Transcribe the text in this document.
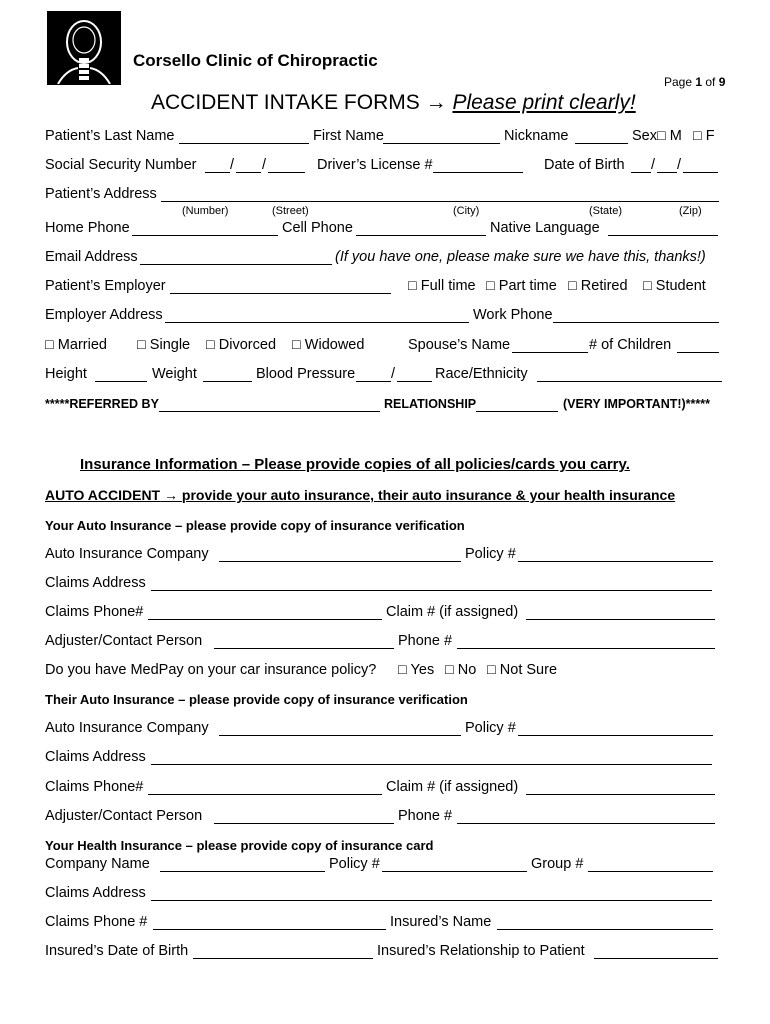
Corsello Clinic of Chiropractic
Page 1 of 9
ACCIDENT INTAKE FORMS → Please print clearly!
Patient’s Last Name	First Name	Nickname	Sex □ M □ F
Social Security Number / /	Driver’s License #	Date of Birth / /
Patient’s Address
(Number)	(Street)	(City)	(State)	(Zip)
Home Phone	Cell Phone	Native Language
Email Address	(If you have one, please make sure we have this, thanks!)
Patient’s Employer	□ Full time □ Part time □ Retired □ Student
Employer Address	Work Phone
□ Married □ Single □ Divorced □ Widowed	Spouse’s Name	# of Children
Height	Weight	Blood Pressure /	Race/Ethnicity
*****REFERRED BY	RELATIONSHIP	(VERY IMPORTANT!)*****
Insurance Information – Please provide copies of all policies/cards you carry.
AUTO ACCIDENT → provide your auto insurance, their auto insurance & your health insurance
Your Auto Insurance – please provide copy of insurance verification
Auto Insurance Company	Policy #
Claims Address
Claims Phone#	Claim # (if assigned)
Adjuster/Contact Person	Phone #
Do you have MedPay on your car insurance policy? □ Yes □ No □ Not Sure
Their Auto Insurance – please provide copy of insurance verification
Auto Insurance Company	Policy #
Claims Address
Claims Phone#	Claim # (if assigned)
Adjuster/Contact Person	Phone #
Your Health Insurance – please provide copy of insurance card
Company Name	Policy #	Group #
Claims Address
Claims Phone #	Insured’s Name
Insured’s Date of Birth	Insured’s Relationship to Patient
